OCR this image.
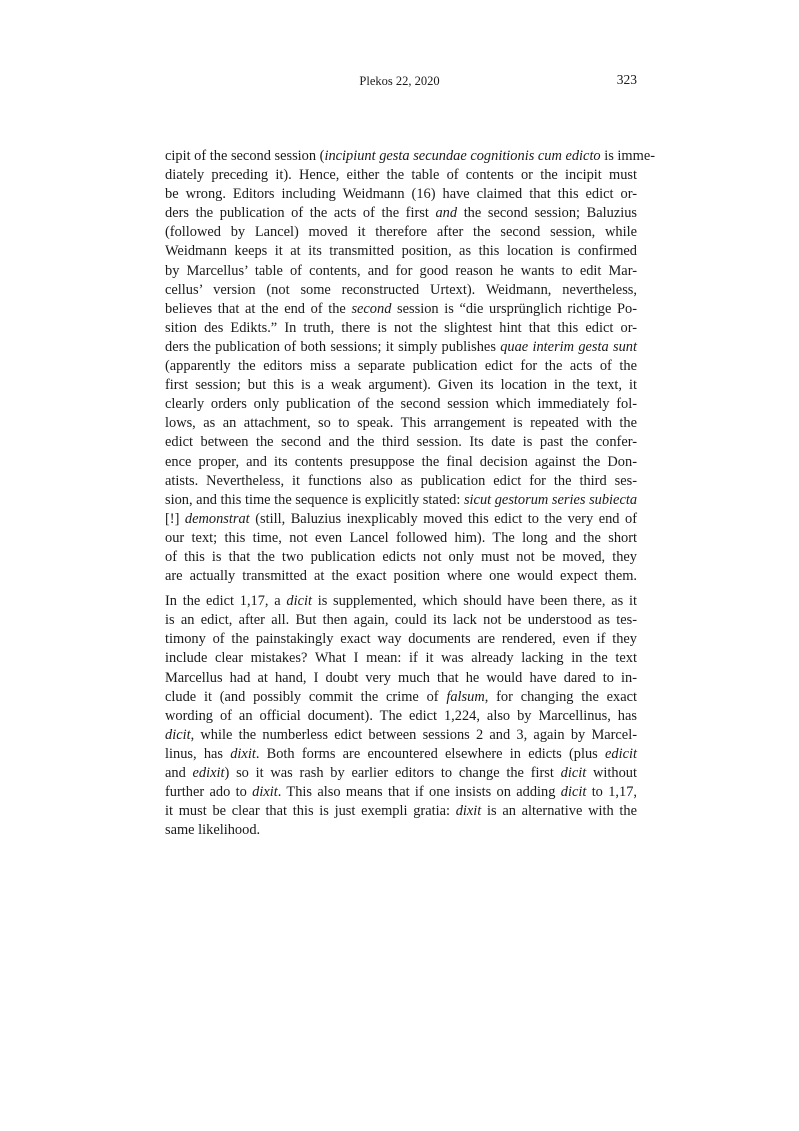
Plekos 22, 2020	323

cipit of the second session (incipiunt gesta secundae cognitionis cum edicto is imme-
diately preceding it). Hence, either the table of contents or the incipit must
be wrong. Editors including Weidmann (16) have claimed that this edict or-
ders the publication of the acts of the first and the second session; Baluzius
(followed by Lancel) moved it therefore after the second session, while
Weidmann keeps it at its transmitted position, as this location is confirmed
by Marcellus’ table of contents, and for good reason he wants to edit Mar-
cellus’ version (not some reconstructed Urtext). Weidmann, nevertheless,
believes that at the end of the second session is “die ursprünglich richtige Po-
sition des Edikts.” In truth, there is not the slightest hint that this edict or-
ders the publication of both sessions; it simply publishes quae interim gesta sunt
(apparently the editors miss a separate publication edict for the acts of the
first session; but this is a weak argument). Given its location in the text, it
clearly orders only publication of the second session which immediately fol-
lows, as an attachment, so to speak. This arrangement is repeated with the
edict between the second and the third session. Its date is past the confer-
ence proper, and its contents presuppose the final decision against the Don-
atists. Nevertheless, it functions also as publication edict for the third ses-
sion, and this time the sequence is explicitly stated: sicut gestorum series subiecta
[!] demonstrat (still, Baluzius inexplicably moved this edict to the very end of
our text; this time, not even Lancel followed him). The long and the short
of this is that the two publication edicts not only must not be moved, they
are actually transmitted at the exact position where one would expect them.

In the edict 1,17, a dicit is supplemented, which should have been there, as it
is an edict, after all. But then again, could its lack not be understood as tes-
timony of the painstakingly exact way documents are rendered, even if they
include clear mistakes? What I mean: if it was already lacking in the text
Marcellus had at hand, I doubt very much that he would have dared to in-
clude it (and possibly commit the crime of falsum, for changing the exact
wording of an official document). The edict 1,224, also by Marcellinus, has
dicit, while the numberless edict between sessions 2 and 3, again by Marcel-
linus, has dixit. Both forms are encountered elsewhere in edicts (plus edicit
and edixit) so it was rash by earlier editors to change the first dicit without
further ado to dixit. This also means that if one insists on adding dicit to 1,17,
it must be clear that this is just exempli gratia: dixit is an alternative with the
same likelihood.
